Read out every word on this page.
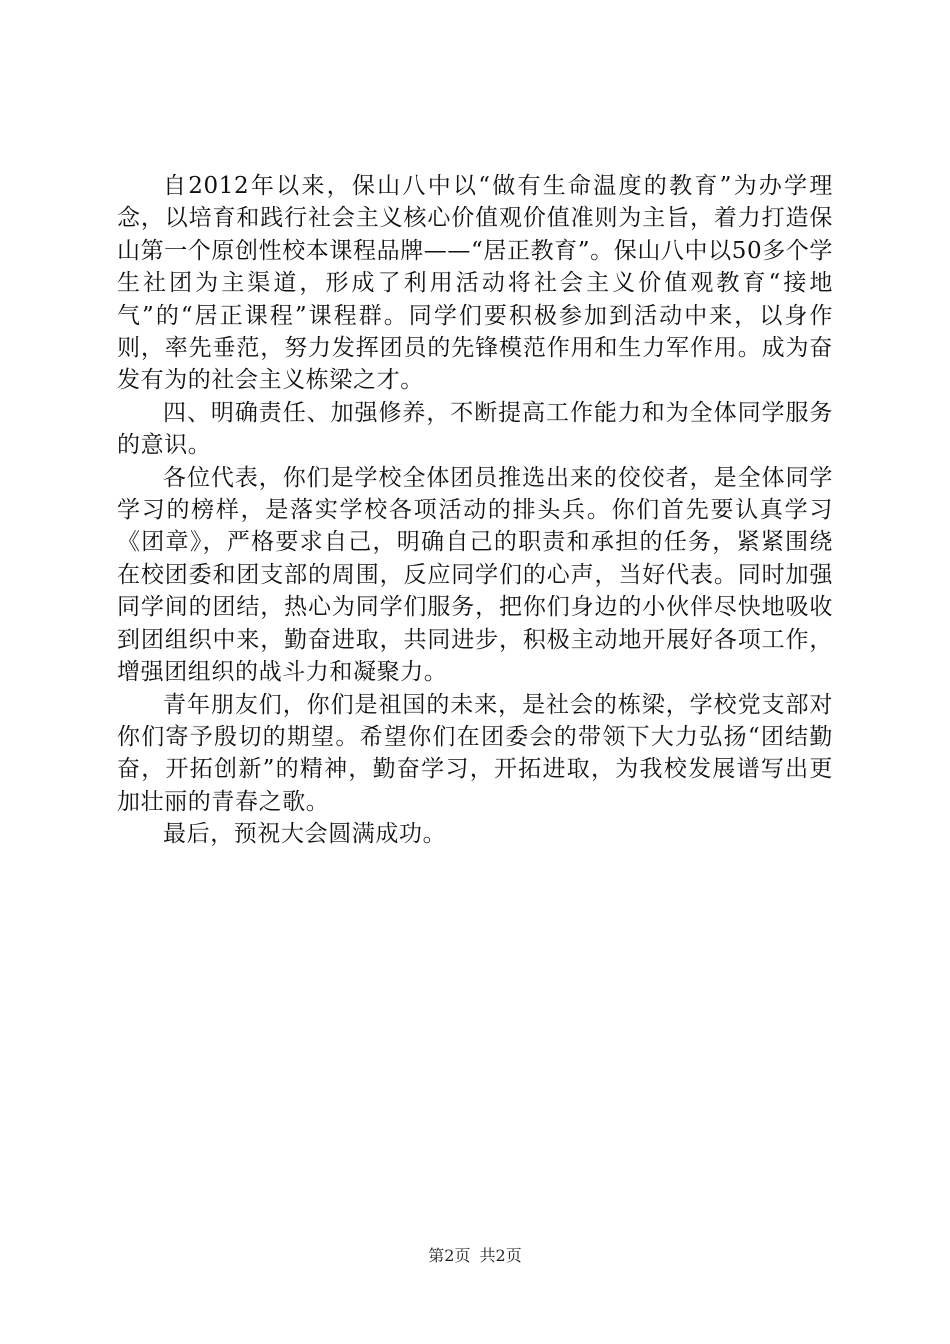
自2012年以来，保山八中以“做有生命温度的教育”为办学理念，以培育和践行社会主义核心价值观价值准则为主旨，着力打造保山第一个原创性校本课程品牌——“居正教育”。保山八中以50多个学生社团为主渠道，形成了利用活动将社会主义价值观教育“接地气”的“居正课程”课程群。同学们要积极参加到活动中来，以身作则，率先垂范，努力发挥团员的先锋模范作用和生力军作用。成为奋发有为的社会主义栋梁之才。

四、明确责任、加强修养，不断提高工作能力和为全体同学服务的意识。

各位代表，你们是学校全体团员推选出来的佼佼者，是全体同学学习的榜样，是落实学校各项活动的排头兵。你们首先要认真学习《团章》，严格要求自己，明确自己的职责和承担的任务，紧紧围绕在校团委和团支部的周围，反应同学们的心声，当好代表。同时加强同学间的团结，热心为同学们服务，把你们身边的小伙伴尽快地吸收到团组织中来，勤奋进取，共同进步，积极主动地开展好各项工作，增强团组织的战斗力和凝聚力。

青年朋友们，你们是祖国的未来，是社会的栋梁，学校党支部对你们寄予殷切的期望。希望你们在团委会的带领下大力弘扬“团结勤奋，开拓创新”的精神，勤奋学习，开拓进取，为我校发展谱写出更加壮丽的青春之歌。

最后，预祝大会圆满成功。

第2页 共2页
